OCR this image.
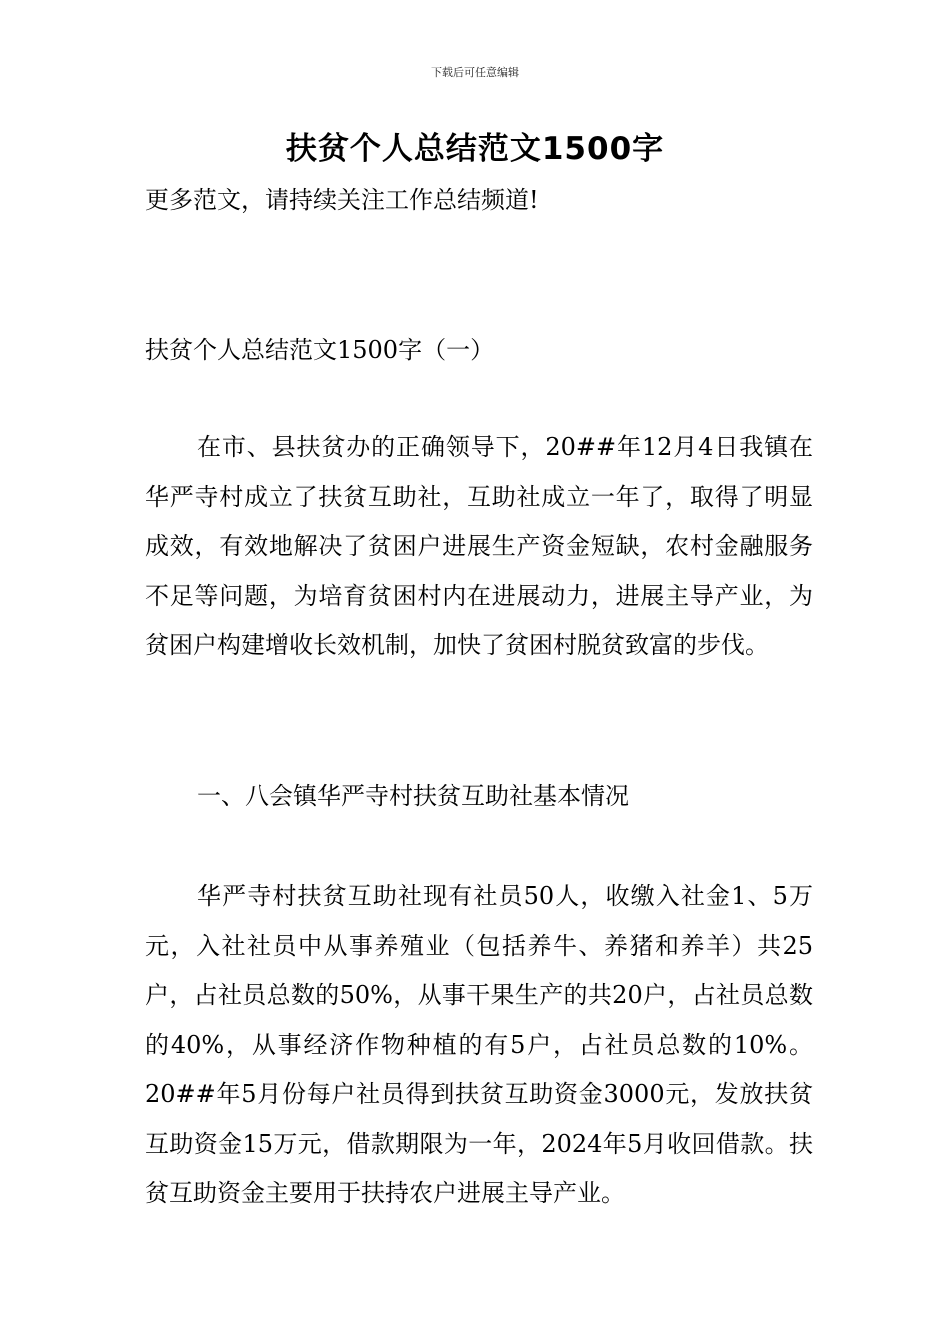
下载后可任意编辑
扶贫个人总结范文1500字

更多范文，请持续关注工作总结频道!

扶贫个人总结范文1500字（一）

在市、县扶贫办的正确领导下，20##年12月4日我镇在华严寺村成立了扶贫互助社，互助社成立一年了，取得了明显成效，有效地解决了贫困户进展生产资金短缺，农村金融服务不足等问题，为培育贫困村内在进展动力，进展主导产业，为贫困户构建增收长效机制，加快了贫困村脱贫致富的步伐。

一、八会镇华严寺村扶贫互助社基本情况

华严寺村扶贫互助社现有社员50人，收缴入社金1、5万元，入社社员中从事养殖业（包括养牛、养猪和养羊）共25户，占社员总数的50%，从事干果生产的共20户，占社员总数的40%，从事经济作物种植的有5户，占社员总数的10%。20##年5月份每户社员得到扶贫互助资金3000元，发放扶贫互助资金15万元，借款期限为一年，2024年5月收回借款。扶贫互助资金主要用于扶持农户进展主导产业。
